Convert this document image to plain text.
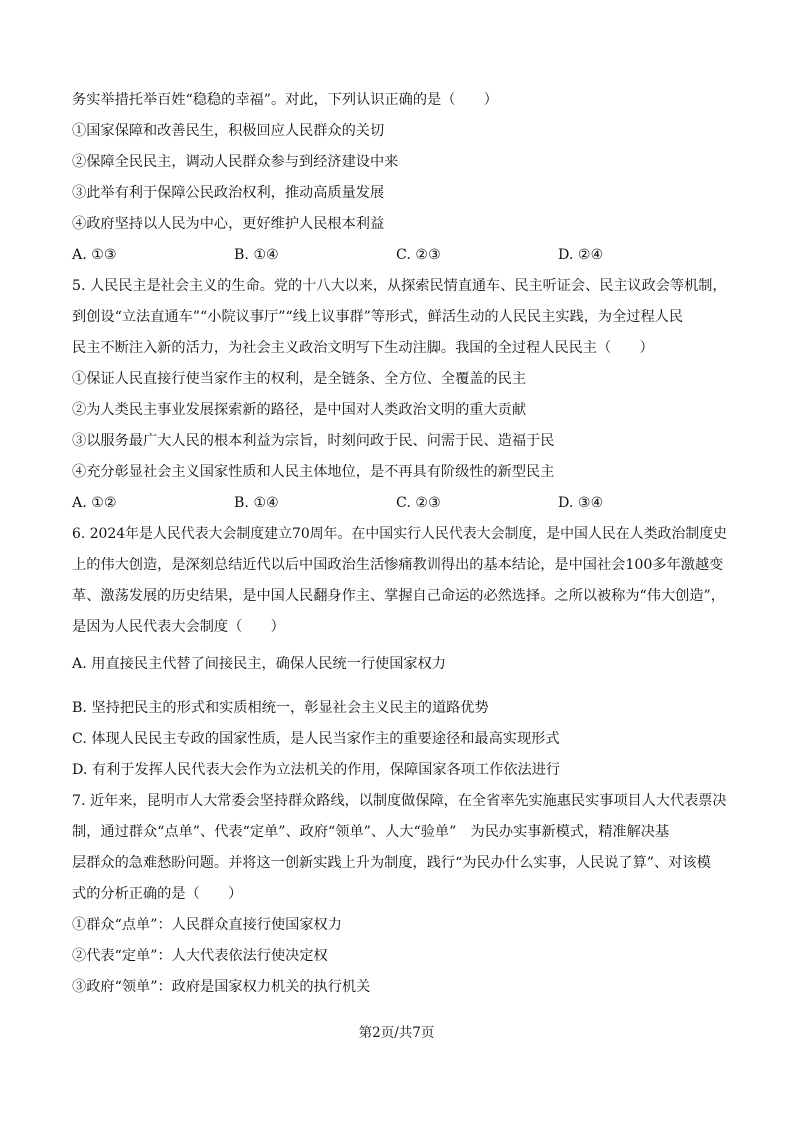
务实举措托举百姓“稳稳的幸福”。对此，下列认识正确的是（　　）
①国家保障和改善民生，积极回应人民群众的关切
②保障全民民主，调动人民群众参与到经济建设中来
③此举有利于保障公民政治权利，推动高质量发展
④政府坚持以人民为中心，更好维护人民根本利益
A. ①③	B. ①④	C. ②③	D. ②④
5. 人民民主是社会主义的生命。党的十八大以来，从探索民情直通车、民主听证会、民主议政会等机制，
到创设“立法直通车”“小院议事厅”“线上议事群”等形式，鲜活生动的人民民主实践，为全过程人民
民主不断注入新的活力，为社会主义政治文明写下生动注脚。我国的全过程人民民主（　　）
①保证人民直接行使当家作主的权利，是全链条、全方位、全覆盖的民主
②为人类民主事业发展探索新的路径，是中国对人类政治文明的重大贡献
③以服务最广大人民的根本利益为宗旨，时刻问政于民、问需于民、造福于民
④充分彰显社会主义国家性质和人民主体地位，是不再具有阶级性的新型民主
A. ①②	B. ①④	C. ②③	D. ③④
6. 2024年是人民代表大会制度建立70周年。在中国实行人民代表大会制度，是中国人民在人类政治制度史
上的伟大创造，是深刻总结近代以后中国政治生活惨痛教训得出的基本结论，是中国社会100多年激越变
革、激荡发展的历史结果，是中国人民翻身作主、掌握自己命运的必然选择。之所以被称为“伟大创造”，
是因为人民代表大会制度（　　）
A. 用直接民主代替了间接民主，确保人民统一行使国家权力
B. 坚持把民主的形式和实质相统一，彰显社会主义民主的道路优势
C. 体现人民民主专政的国家性质，是人民当家作主的重要途径和最高实现形式
D. 有利于发挥人民代表大会作为立法机关的作用，保障国家各项工作依法进行
7. 近年来，昆明市人大常委会坚持群众路线，以制度做保障，在全省率先实施惠民实事项目人大代表票决
制，通过群众“点单”、代表“定单”、政府“领单”、人大“验单”　为民办实事新模式，精准解决基
层群众的急难愁盼问题。并将这一创新实践上升为制度，践行“为民办什么实事，人民说了算”、对该模
式的分析正确的是（　　）
①群众“点单”：人民群众直接行使国家权力
②代表“定单”：人大代表依法行使决定权
③政府“领单”：政府是国家权力机关的执行机关
第2页/共7页
